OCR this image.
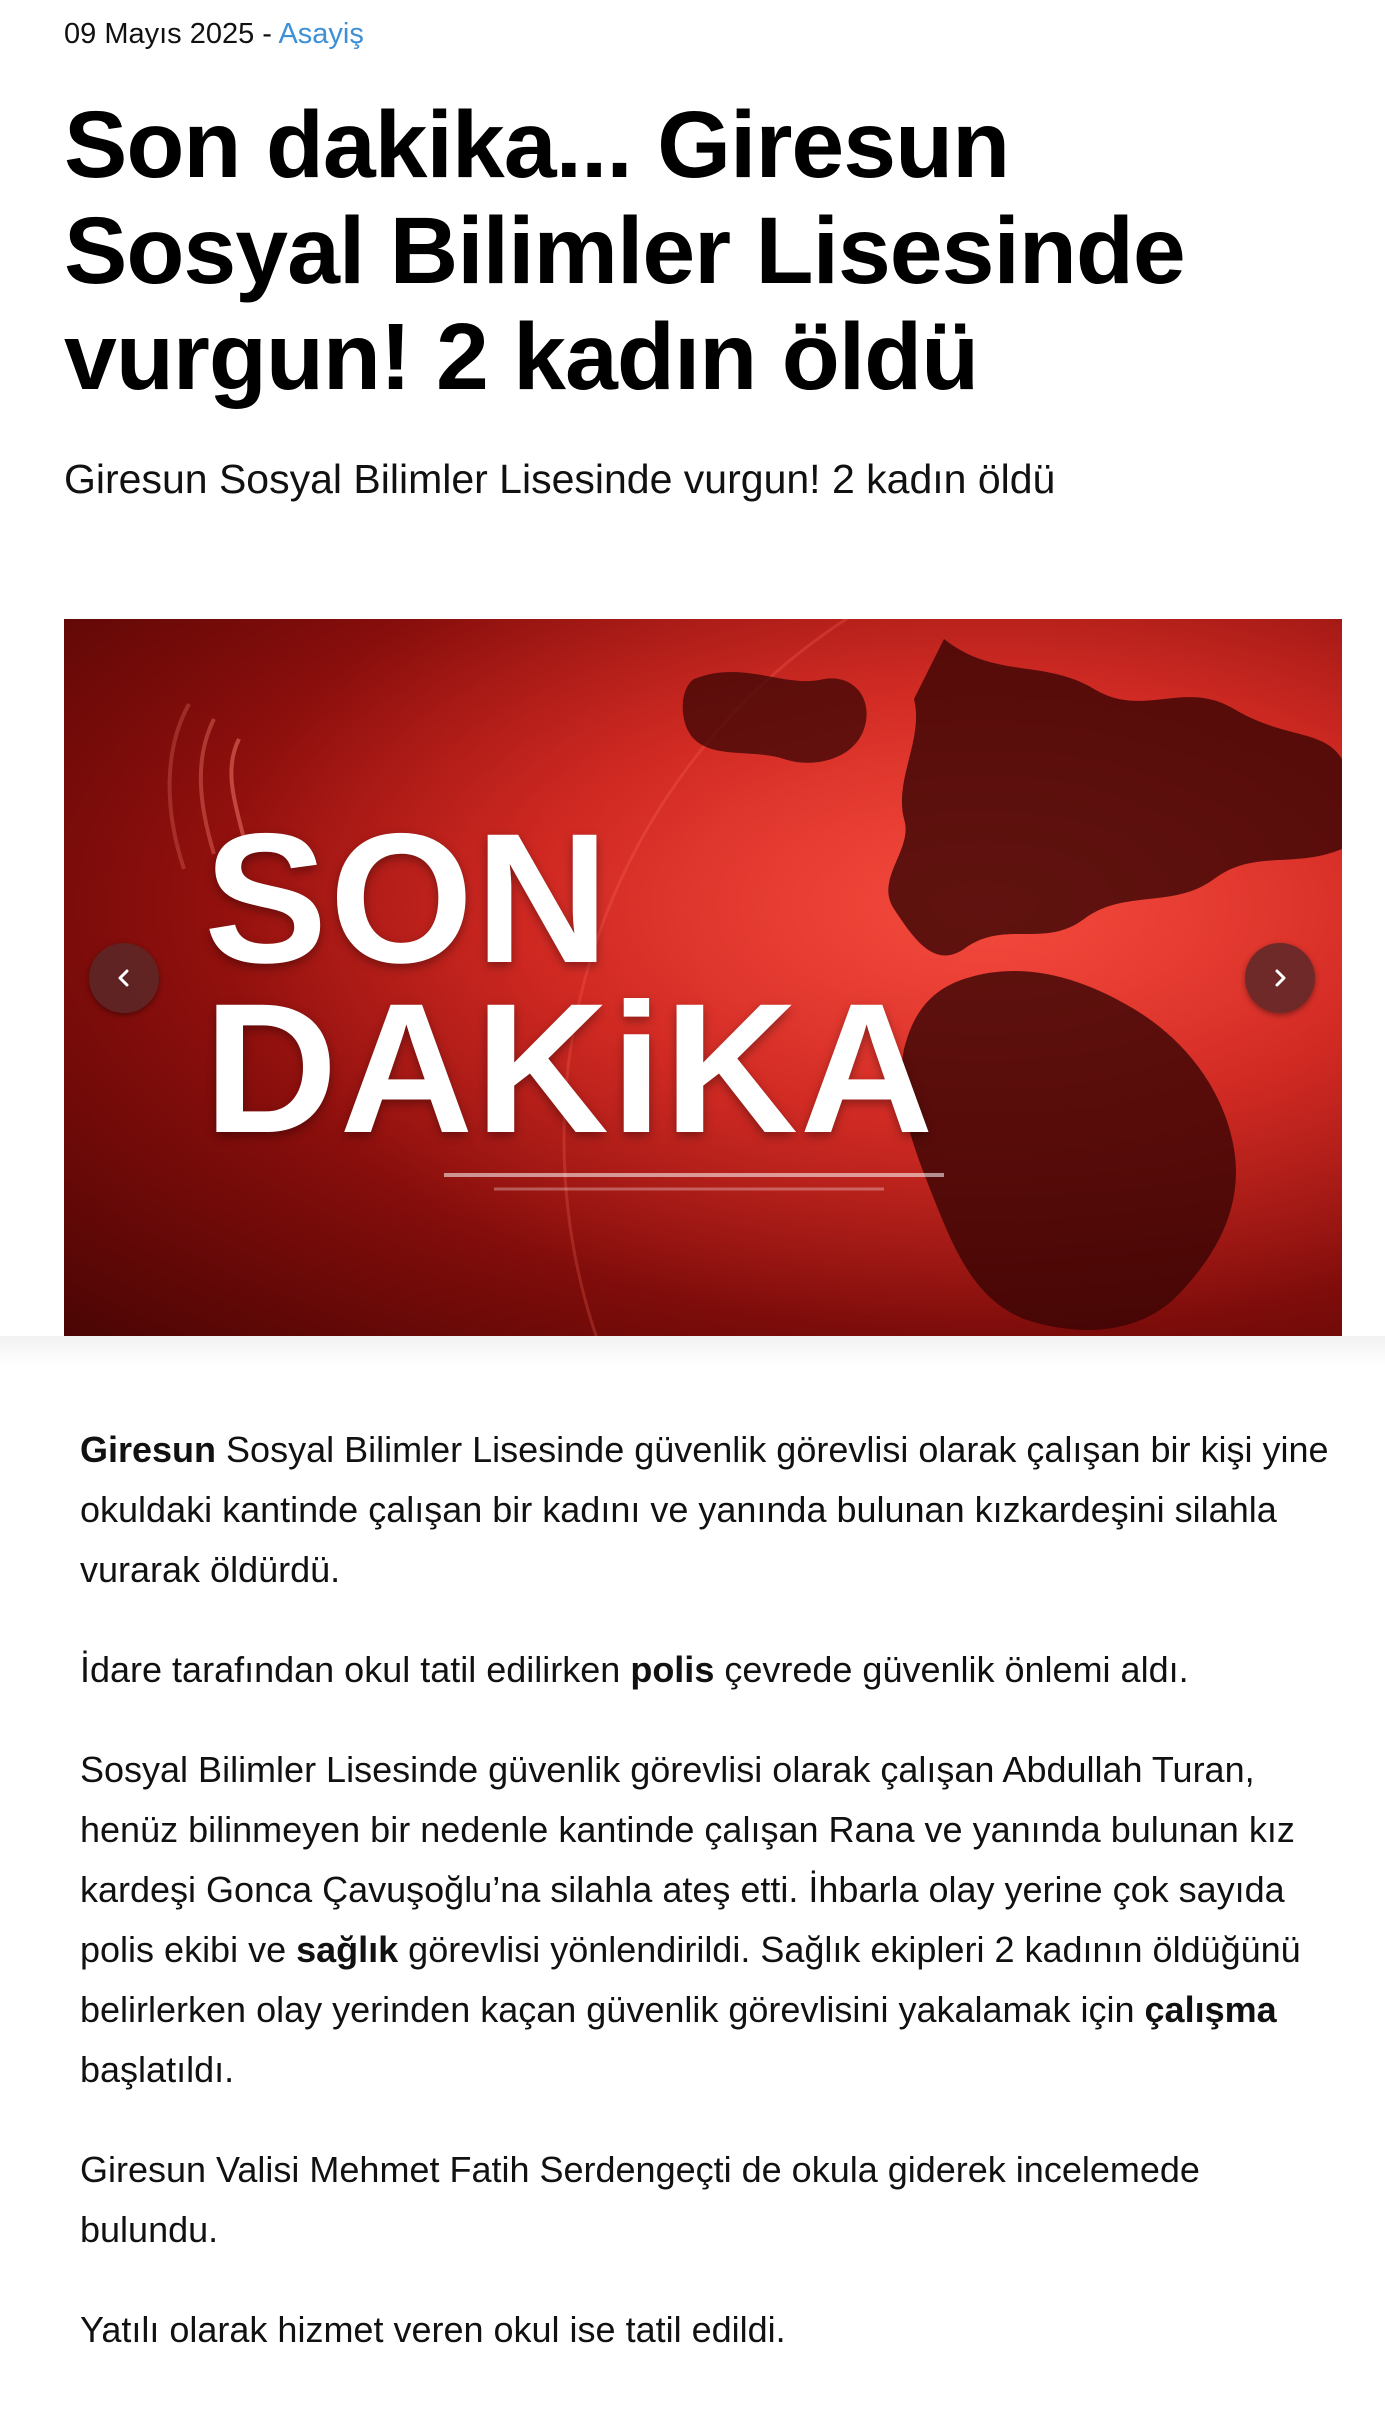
09 Mayıs 2025 - Asayiş
Son dakika... Giresun Sosyal Bilimler Lisesinde vurgun! 2 kadın öldü

Giresun Sosyal Bilimler Lisesinde vurgun! 2 kadın öldü

SON
DAKiKA

Giresun Sosyal Bilimler Lisesinde güvenlik görevlisi olarak çalışan bir kişi yine okuldaki kantinde çalışan bir kadını ve yanında bulunan kızkardeşini silahla vurarak öldürdü.

İdare tarafından okul tatil edilirken polis çevrede güvenlik önlemi aldı.

Sosyal Bilimler Lisesinde güvenlik görevlisi olarak çalışan Abdullah Turan, henüz bilinmeyen bir nedenle kantinde çalışan Rana ve yanında bulunan kız kardeşi Gonca Çavuşoğlu’na silahla ateş etti. İhbarla olay yerine çok sayıda polis ekibi ve sağlık görevlisi yönlendirildi. Sağlık ekipleri 2 kadının öldüğünü belirlerken olay yerinden kaçan güvenlik görevlisini yakalamak için çalışma başlatıldı.

Giresun Valisi Mehmet Fatih Serdengeçti de okula giderek incelemede bulundu.

Yatılı olarak hizmet veren okul ise tatil edildi.
